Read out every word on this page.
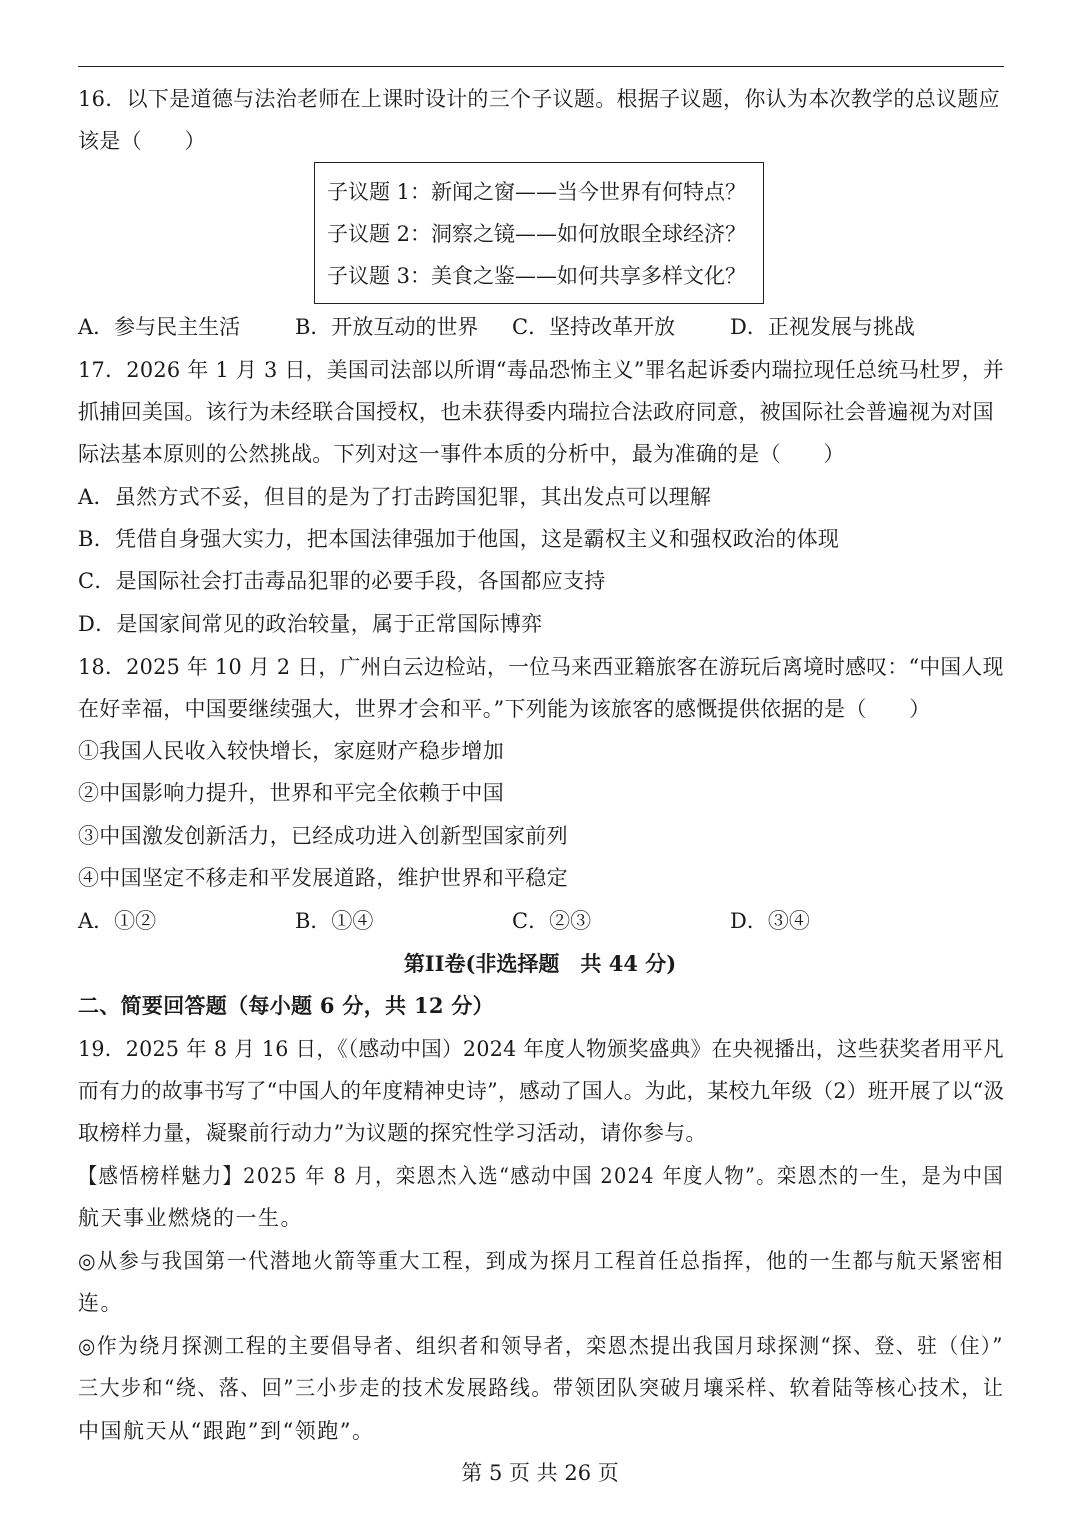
16．以下是道德与法治老师在上课时设计的三个子议题。根据子议题，你认为本次教学的总议题应
该是（　　）
子议题 1：新闻之窗——当今世界有何特点？
子议题 2：洞察之镜——如何放眼全球经济？
子议题 3：美食之鉴——如何共享多样文化？
A．参与民主生活	B．开放互动的世界 C．坚持改革开放	D．正视发展与挑战
17．2026 年 1 月 3 日，美国司法部以所谓“毒品恐怖主义”罪名起诉委内瑞拉现任总统马杜罗，并
抓捕回美国。该行为未经联合国授权，也未获得委内瑞拉合法政府同意，被国际社会普遍视为对国
际法基本原则的公然挑战。下列对这一事件本质的分析中，最为准确的是（　　）
A．虽然方式不妥，但目的是为了打击跨国犯罪，其出发点可以理解
B．凭借自身强大实力，把本国法律强加于他国，这是霸权主义和强权政治的体现
C．是国际社会打击毒品犯罪的必要手段，各国都应支持
D．是国家间常见的政治较量，属于正常国际博弈
18．2025 年 10 月 2 日，广州白云边检站，一位马来西亚籍旅客在游玩后离境时感叹：“中国人现
在好幸福，中国要继续强大，世界才会和平。”下列能为该旅客的感慨提供依据的是（　　）
①我国人民收入较快增长，家庭财产稳步增加
②中国影响力提升，世界和平完全依赖于中国
③中国激发创新活力，已经成功进入创新型国家前列
④中国坚定不移走和平发展道路，维护世界和平稳定
A．①②	B．①④	C．②③	D．③④
第II卷(非选择题　共 44 分)
二、简要回答题（每小题 6 分，共 12 分）
19．2025 年 8 月 16 日，《（感动中国）2024 年度人物颁奖盛典》在央视播出，这些获奖者用平凡
而有力的故事书写了“中国人的年度精神史诗”，感动了国人。为此，某校九年级（2）班开展了以“汲
取榜样力量，凝聚前行动力”为议题的探究性学习活动，请你参与。
【感悟榜样魅力】2025 年 8 月，栾恩杰入选“感动中国 2024 年度人物”。栾恩杰的一生，是为中国
航天事业燃烧的一生。
◎从参与我国第一代潜地火箭等重大工程，到成为探月工程首任总指挥，他的一生都与航天紧密相
连。
◎作为绕月探测工程的主要倡导者、组织者和领导者，栾恩杰提出我国月球探测“探、登、驻（住）”
三大步和“绕、落、回”三小步走的技术发展路线。带领团队突破月壤采样、软着陆等核心技术，让
中国航天从“跟跑”到“领跑”。
第 5 页 共 26 页
